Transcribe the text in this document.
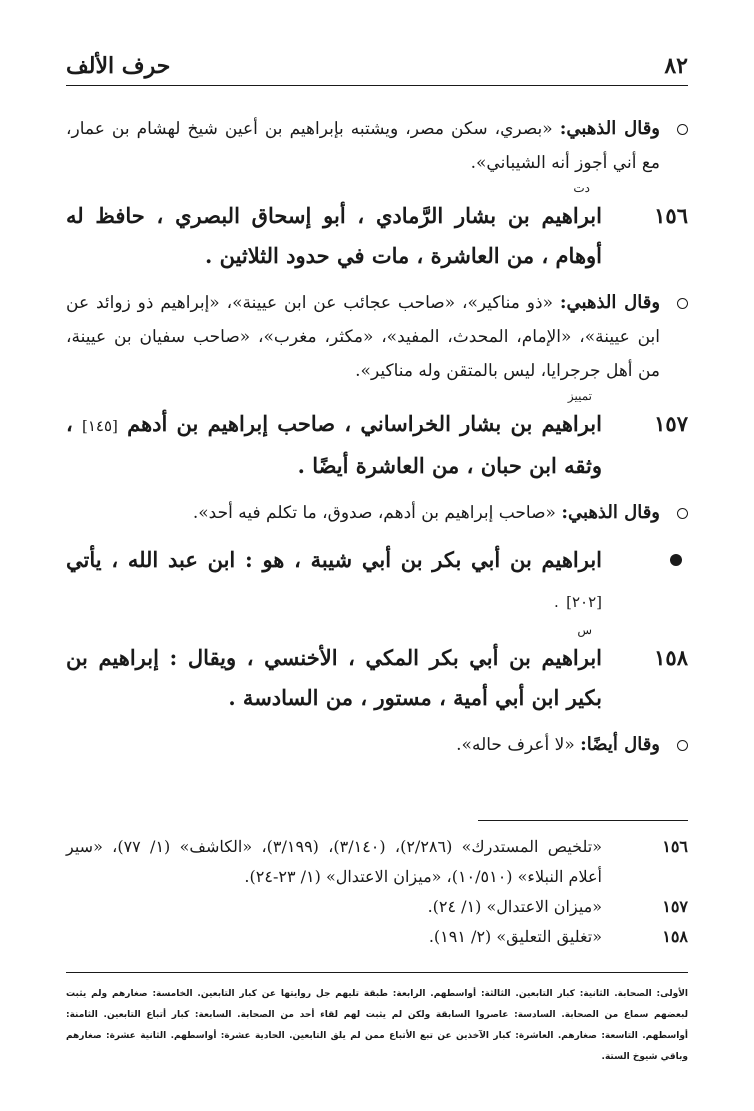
٨٢
حرف الألف
وقال الذهبي: «بصري، سكن مصر، ويشتبه بإبراهيم بن أعين شيخ لهشام بن عمار، مع أني أجوز أنه الشيباني».
١٥٦
دت
ابراهيم بن بشار الرَّمادي ، أبو إسحاق البصري ، حافظ له أوهام ، من العاشرة ، مات في حدود الثلاثين .
وقال الذهبي: «ذو مناكير»، «صاحب عجائب عن ابن عيينة»، «إبراهيم ذو زوائد عن ابن عيينة»، «الإمام، المحدث، المفيد»، «مكثر، مغرب»، «صاحب سفيان بن عيينة، من أهل جرجرايا، ليس بالمتقن وله مناكير».
١٥٧
تمييز
ابراهيم بن بشار الخراساني ، صاحب إبراهيم بن أدهم [١٤٥] ، وثقه ابن حبان ، من العاشرة أيضًا .
وقال الذهبي: «صاحب إبراهيم بن أدهم، صدوق، ما تكلم فيه أحد».
ابراهيم بن أبي بكر بن أبي شيبة ، هو : ابن عبد الله ، يأتي [٢٠٢] .
١٥٨
س
ابراهيم بن أبي بكر المكي ، الأخنسي ، ويقال : إبراهيم بن بكير ابن أبي أمية ، مستور ، من السادسة .
وقال أيضًا: «لا أعرف حاله».
١٥٦
«تلخيص المستدرك» (٢/٢٨٦)، (٣/١٤٠)، (٣/١٩٩)، «الكاشف» (١/ ٧٧)، «سير أعلام النبلاء» (١٠/٥١٠)، «ميزان الاعتدال» (١/ ٢٣-٢٤).
١٥٧
«ميزان الاعتدال» (١/ ٢٤).
١٥٨
«تغليق التعليق» (٢/ ١٩١).
الأولى: الصحابة. الثانية: كبار التابعين. الثالثة: أواسطهم. الرابعة: طبقة تليهم جل روايتها عن كبار التابعين. الخامسة: صغارهم ولم يثبت لبعضهم سماع من الصحابة. السادسة: عاصروا السابقة ولكن لم يثبت لهم لقاء أحد من الصحابة. السابعة: كبار أتباع التابعين. الثامنة: أواسطهم. التاسعة: صغارهم. العاشرة: كبار الآخذين عن تبع الأتباع ممن لم يلق التابعين. الحادية عشرة: أواسطهم. الثانية عشرة: صغارهم وباقي شيوخ الستة.
